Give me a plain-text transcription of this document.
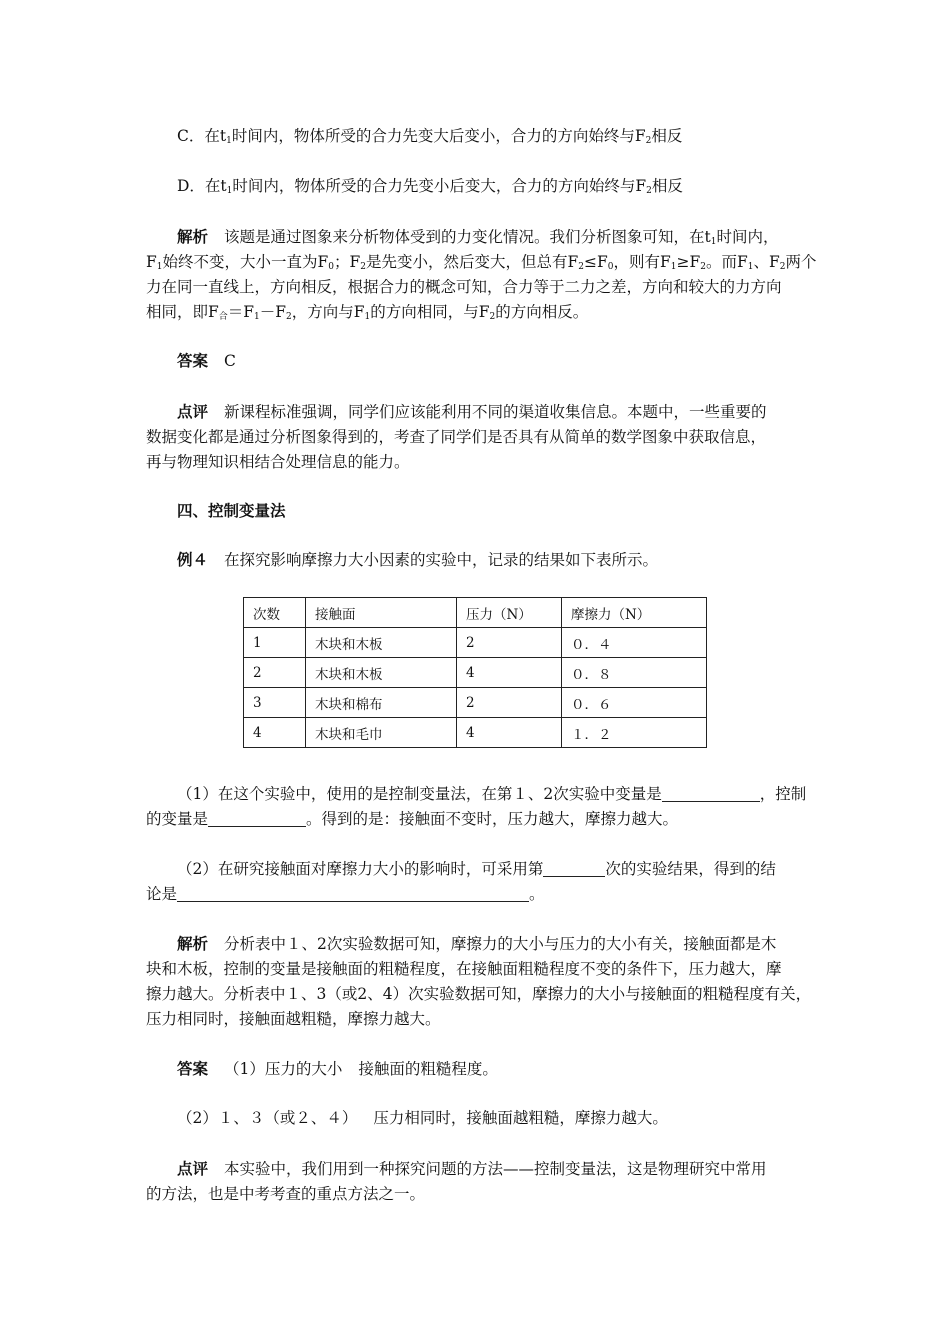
C．在$t_1$时间内，物体所受的合力先变大后变小，合力的方向始终与$F_2$相反
D．在$t_1$时间内，物体所受的合力先变小后变大，合力的方向始终与$F_2$相反
解析 该题是通过图象来分析物体受到的力变化情况。我们分析图象可知，在$t_1$时间内，
$F_1$始终不变，大小一直为$F_0$；$F_2$是先变小，然后变大，但总有$F_2\le F_0$，则有$F_1\ge F_2$。而$F_1$、$F_2$两个
力在同一直线上，方向相反，根据合力的概念可知，合力等于二力之差，方向和较大的力方向
相同，即$F_合=F_1-F_2$，方向与$F_1$的方向相同，与$F_2$的方向相反。
答案 C
点评 新课程标准强调，同学们应该能利用不同的渠道收集信息。本题中，一些重要的
数据变化都是通过分析图象得到的，考查了同学们是否具有从简单的数学图象中获取信息，
再与物理知识相结合处理信息的能力。
四、控制变量法
例４ 在探究影响摩擦力大小因素的实验中，记录的结果如下表所示。
次数	接触面	压力（N）	摩擦力（N）
1	木块和木板	2	０．４
2	木块和木板	4	０．８
3	木块和棉布	2	０．６
4	木块和毛巾	4	１．２
（1）在这个实验中，使用的是控制变量法，在第１、2次实验中变量是	，控制
的变量是	。得到的是：接触面不变时，压力越大，摩擦力越大。
（2）在研究接触面对摩擦力大小的影响时，可采用第	次的实验结果，得到的结
论是	。
解析 分析表中１、2次实验数据可知，摩擦力的大小与压力的大小有关，接触面都是木
块和木板，控制的变量是接触面的粗糙程度，在接触面粗糙程度不变的条件下，压力越大，摩
擦力越大。分析表中１、3（或2、4）次实验数据可知，摩擦力的大小与接触面的粗糙程度有关，
压力相同时，接触面越粗糙，摩擦力越大。
答案 （1）压力的大小 接触面的粗糙程度。
（2）１、３（或２、４） 压力相同时，接触面越粗糙，摩擦力越大。
点评 本实验中，我们用到一种探究问题的方法——控制变量法，这是物理研究中常用
的方法，也是中考考查的重点方法之一。
